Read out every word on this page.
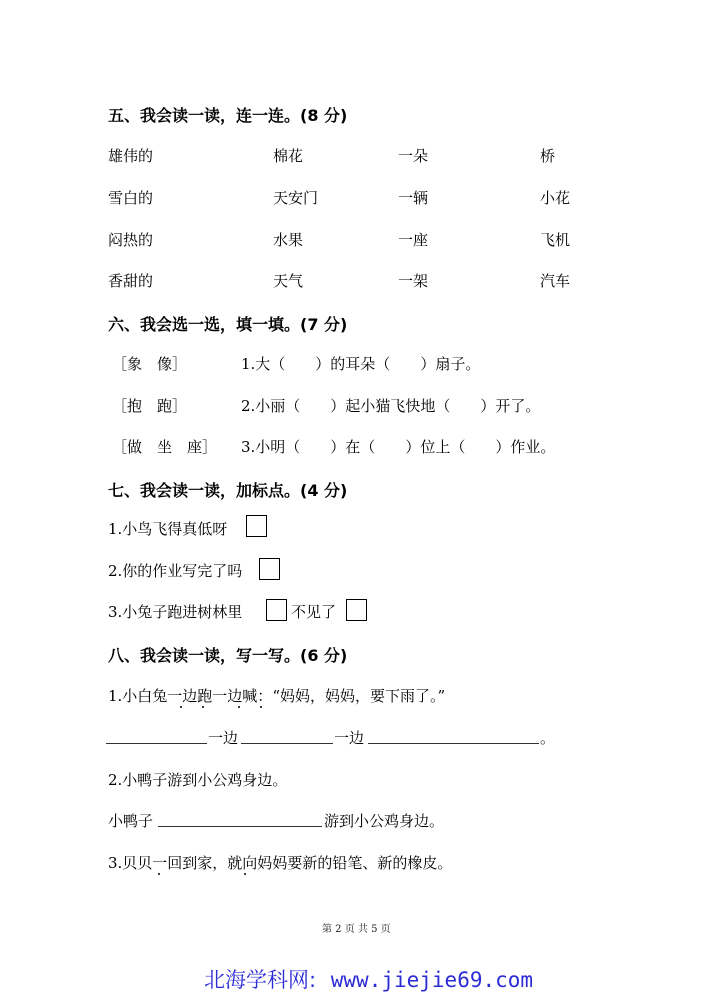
五、我会读一读，连一连。(8 分)
雄伟的	棉花	一朵	桥
雪白的	天安门	一辆	小花
闷热的	水果	一座	飞机
香甜的	天气	一架	汽车
六、我会选一选，填一填。(7 分)
［象　像］	1.大（　　）的耳朵（　　）扇子。
［抱　跑］	2.小丽（　　）起小猫飞快地（　　）开了。
［做　坐　座］ 3.小明（　　）在（　　）位上（　　）作业。
七、我会读一读，加标点。(4 分)
1.小鸟飞得真低呀
2.你的作业写完了吗
3.小兔子跑进树林里	不见了
八、我会读一读，写一写。(6 分)
1.小白兔一边跑一边喊：“妈妈，妈妈，要下雨了。”
一边	一边	。
2.小鸭子游到小公鸡身边。
小鸭子	游到小公鸡身边。
3.贝贝一回到家，就向妈妈要新的铅笔、新的橡皮。
第 2 页 共 5 页
北海学科网: www.jiejie69.com
